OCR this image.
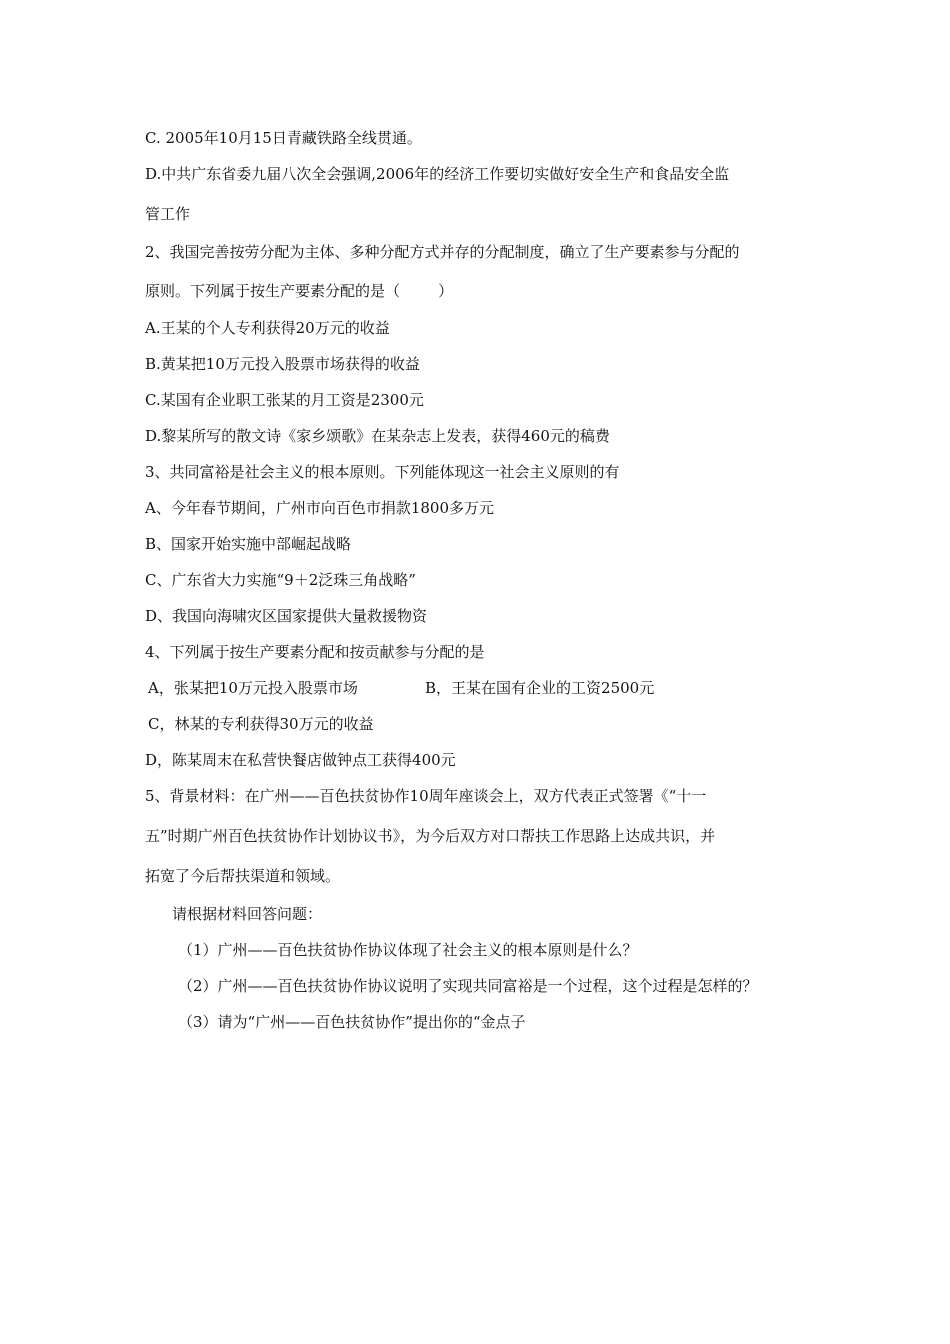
C. 2005年10月15日青藏铁路全线贯通。
D.中共广东省委九届八次全会强调,2006年的经济工作要切实做好安全生产和食品安全监
管工作
2、我国完善按劳分配为主体、多种分配方式并存的分配制度，确立了生产要素参与分配的
原则。下列属于按生产要素分配的是（        ）
A.王某的个人专利获得20万元的收益
B.黄某把10万元投入股票市场获得的收益
C.某国有企业职工张某的月工资是2300元
D.黎某所写的散文诗《家乡颂歌》在某杂志上发表，获得460元的稿费
3、共同富裕是社会主义的根本原则。下列能体现这一社会主义原则的有
A、今年春节期间，广州市向百色市捐款1800多万元
B、国家开始实施中部崛起战略
C、广东省大力实施“9＋2泛珠三角战略”
D、我国向海啸灾区国家提供大量救援物资
4、下列属于按生产要素分配和按贡献参与分配的是
A，张某把10万元投入股票市场	B，王某在国有企业的工资2500元
C，林某的专利获得30万元的收益
D，陈某周末在私营快餐店做钟点工获得400元
5、背景材料：在广州——百色扶贫协作10周年座谈会上，双方代表正式签署《“十一
五”时期广州百色扶贫协作计划协议书》，为今后双方对口帮扶工作思路上达成共识，并
拓宽了今后帮扶渠道和领域。
请根据材料回答问题：
（1）广州——百色扶贫协作协议体现了社会主义的根本原则是什么？
（2）广州——百色扶贫协作协议说明了实现共同富裕是一个过程，这个过程是怎样的？
（3）请为“广州——百色扶贫协作”提出你的“金点子
